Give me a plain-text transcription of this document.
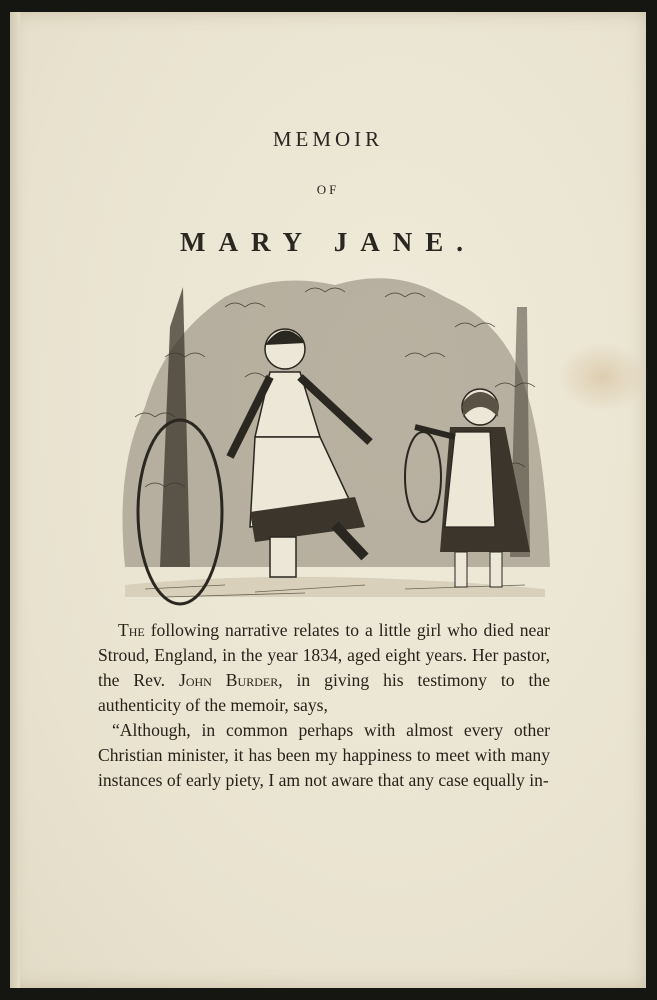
MEMOIR
OF
MARY JANE.

The following narrative relates to a little girl who died near Stroud, England, in the year 1834, aged eight years. Her pastor, the Rev. John Burder, in giving his testimony to the authenticity of the memoir, says,

“Although, in common perhaps with almost every other Christian minister, it has been my happiness to meet with many instances of early piety, I am not aware that any case equally in-
